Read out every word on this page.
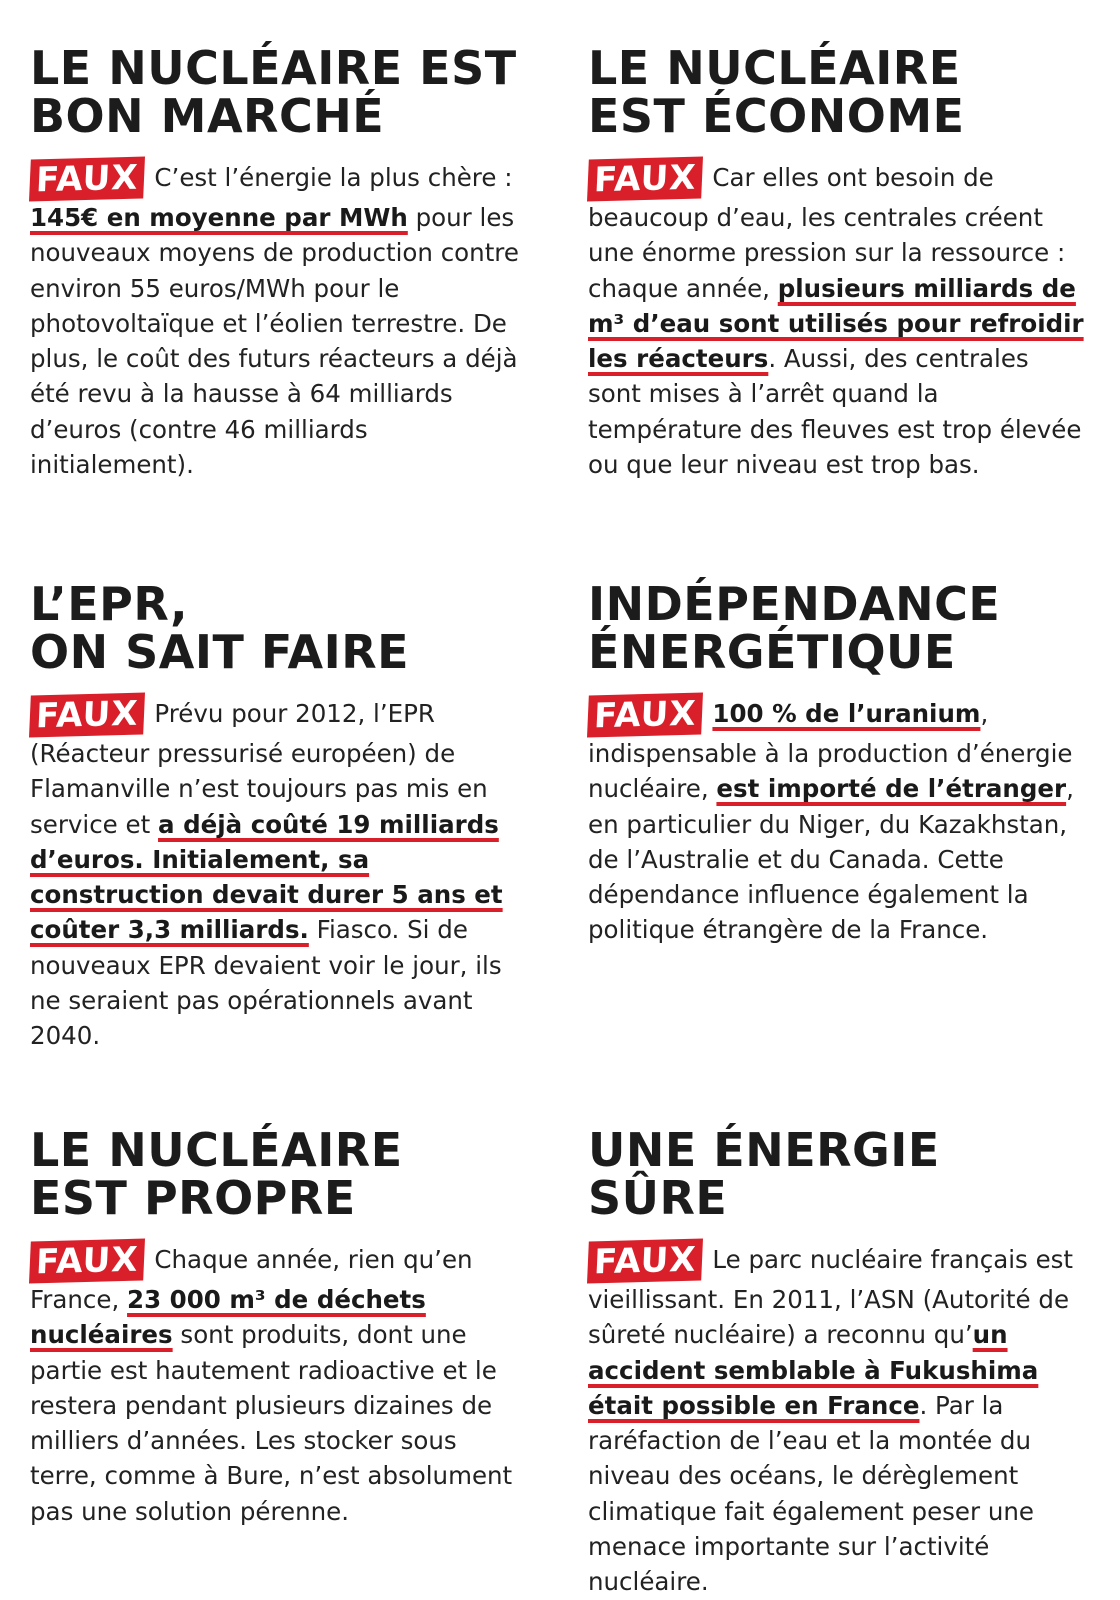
LE NUCLÉAIRE EST
BON MARCHÉ

FAUX C’est l’énergie la plus chère : 145€ en moyenne par MWh pour les nouveaux moyens de production contre environ 55 euros/MWh pour le photovoltaïque et l’éolien terrestre. De plus, le coût des futurs réacteurs a déjà été revu à la hausse à 64 milliards d’euros (contre 46 milliards initialement).

LE NUCLÉAIRE
EST ÉCONOME

FAUX Car elles ont besoin de beaucoup d’eau, les centrales créent une énorme pression sur la ressource : chaque année, plusieurs milliards de m³ d’eau sont utilisés pour refroidir les réacteurs. Aussi, des centrales sont mises à l’arrêt quand la température des fleuves est trop élevée ou que leur niveau est trop bas.

L’EPR,
ON SAIT FAIRE

FAUX Prévu pour 2012, l’EPR (Réacteur pressurisé européen) de Flamanville n’est toujours pas mis en service et a déjà coûté 19 milliards d’euros. Initialement, sa construction devait durer 5 ans et coûter 3,3 milliards. Fiasco. Si de nouveaux EPR devaient voir le jour, ils ne seraient pas opérationnels avant 2040.

INDÉPENDANCE
ÉNERGÉTIQUE

FAUX 100 % de l’uranium, indispensable à la production d’énergie nucléaire, est importé de l’étranger, en particulier du Niger, du Kazakhstan, de l’Australie et du Canada. Cette dépendance influence également la politique étrangère de la France.

LE NUCLÉAIRE
EST PROPRE

FAUX Chaque année, rien qu’en France, 23 000 m³ de déchets nucléaires sont produits, dont une partie est hautement radioactive et le restera pendant plusieurs dizaines de milliers d’années. Les stocker sous terre, comme à Bure, n’est absolument pas une solution pérenne.

UNE ÉNERGIE SÛRE

FAUX Le parc nucléaire français est vieillissant. En 2011, l’ASN (Autorité de sûreté nucléaire) a reconnu qu’un accident semblable à Fukushima était possible en France. Par la raréfaction de l’eau et la montée du niveau des océans, le dérèglement climatique fait également peser une menace importante sur l’activité nucléaire.
